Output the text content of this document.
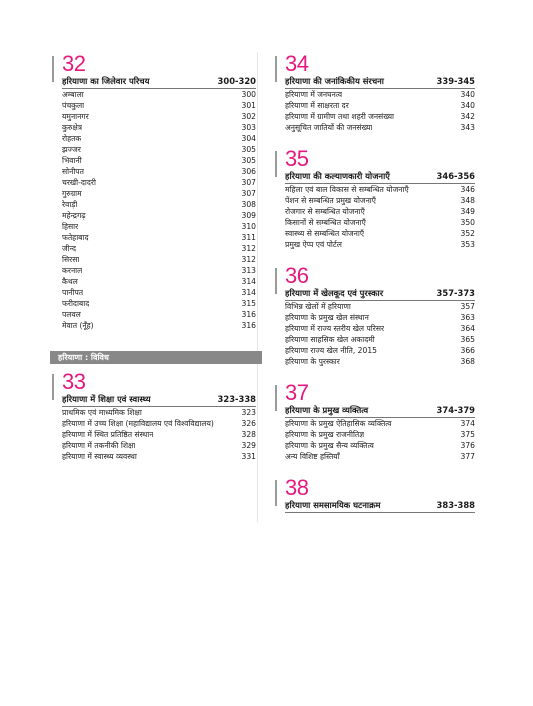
32
हरियाणा का जिलेवार परिचय	300-320
अम्बाला	300
पंचकुला	301
यमुनानगर	302
कुरुक्षेत्र	303
रोहतक	304
झज्जर	305
भिवानी	305
सोनीपत	306
चरखी-दादरी	307
गुरुग्राम	307
रेवाड़ी	308
महेन्द्रगढ़	309
हिसार	310
फतेहाबाद	311
जीन्द	312
सिरसा	312
करनाल	313
कैथल	314
पानीपत	314
फरीदाबाद	315
पलवल	316
मेवात (नूँह)	316
हरियाणा : विविध
33
हरियाणा में शिक्षा एवं स्वास्थ्य	323-338
प्राथमिक एवं माध्यमिक शिक्षा	323
हरियाणा में उच्च शिक्षा (महाविद्यालय एवं विश्वविद्यालय)	326
हरियाणा में स्थित प्रतिष्ठित संस्थान	328
हरियाणा में तकनीकी शिक्षा	329
हरियाणा में स्वास्थ्य व्यवस्था	331
34
हरियाणा की जनांकिकीय संरचना	339-345
हरियाणा में जनघनत्व	340
हरियाणा में साक्षरता दर	340
हरियाणा में ग्रामीण तथा शहरी जनसंख्या	342
अनुसूचित जातियों की जनसंख्या	343
35
हरियाणा की कल्याणकारी योजनाएँ	346-356
महिला एवं बाल विकास से सम्बन्धित योजनाएँ	346
पेंशन से सम्बन्धित प्रमुख योजनाएँ	348
रोजगार से सम्बन्धित योजनाएँ	349
किसानों से सम्बन्धित योजनाएँ	350
स्वास्थ्य से सम्बन्धित योजनाएँ	352
प्रमुख ऐप्प एवं पोर्टल	353
36
हरियाणा में खेलकूद एवं पुरस्कार	357-373
विभिन्न खेलों में हरियाणा	357
हरियाणा के प्रमुख खेल संस्थान	363
हरियाणा में राज्य स्तरीय खेल परिसर	364
हरियाणा साहसिक खेल अकादमी	365
हरियाणा राज्य खेल नीति, 2015	366
हरियाणा के पुरस्कार	368
37
हरियाणा के प्रमुख व्यक्तित्व	374-379
हरियाणा के प्रमुख ऐतिहासिक व्यक्तित्व	374
हरियाणा के प्रमुख राजनीतिज्ञ	375
हरियाणा के प्रमुख सैन्य व्यक्तित्व	376
अन्य विशिष्ट हस्तियाँ	377
38
हरियाणा समसामयिक घटनाक्रम	383-388
